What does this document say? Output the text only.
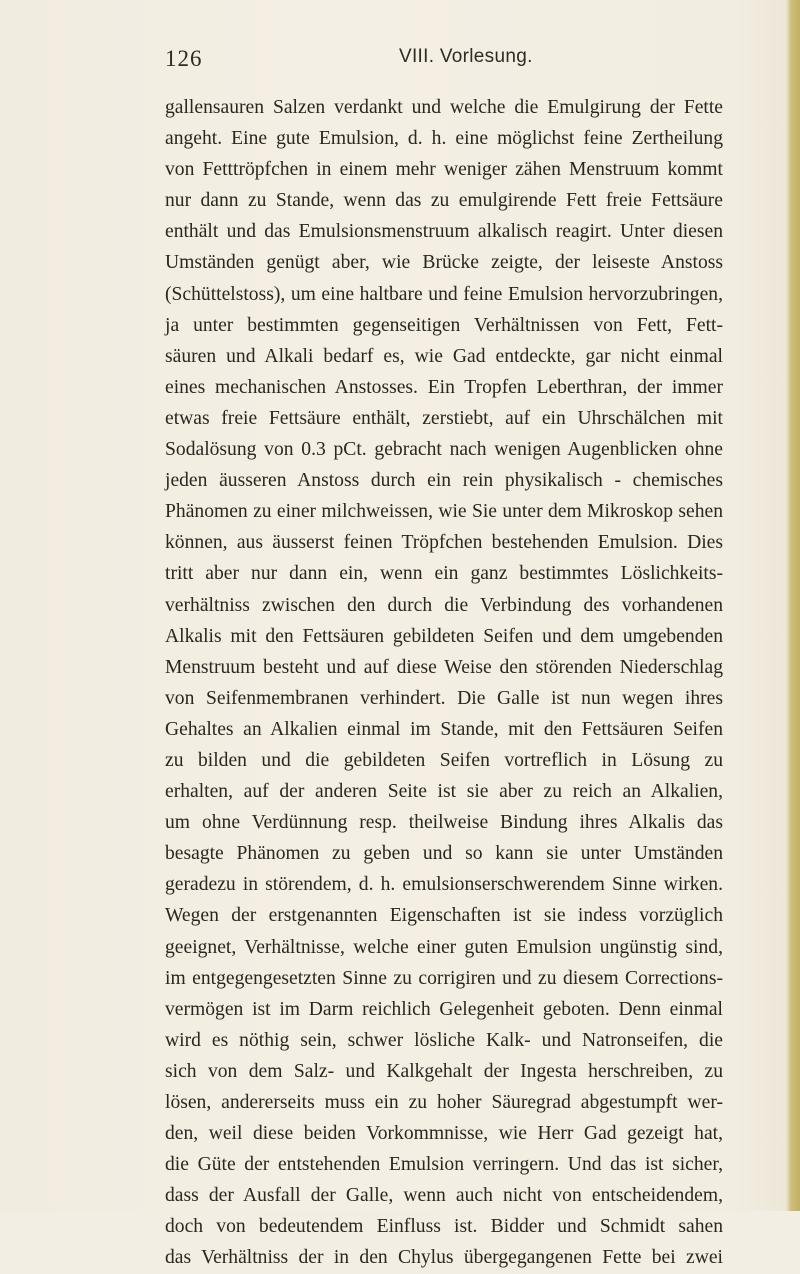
126	VIII. Vorlesung.
gallensauren Salzen verdankt und welche die Emulgirung der Fette
angeht. Eine gute Emulsion, d. h. eine möglichst feine Zertheilung
von Fetttröpfchen in einem mehr weniger zähen Menstruum kommt
nur dann zu Stande, wenn das zu emulgirende Fett freie Fettsäure
enthält und das Emulsionsmenstruum alkalisch reagirt. Unter diesen
Umständen genügt aber, wie Brücke zeigte, der leiseste Anstoss
(Schüttelstoss), um eine haltbare und feine Emulsion hervorzubringen,
ja unter bestimmten gegenseitigen Verhältnissen von Fett, Fett-
säuren und Alkali bedarf es, wie Gad entdeckte, gar nicht einmal
eines mechanischen Anstosses. Ein Tropfen Leberthran, der immer
etwas freie Fettsäure enthält, zerstiebt, auf ein Uhrschälchen mit
Sodalösung von 0.3 pCt. gebracht nach wenigen Augenblicken ohne
jeden äusseren Anstoss durch ein rein physikalisch - chemisches
Phänomen zu einer milchweissen, wie Sie unter dem Mikroskop sehen
können, aus äusserst feinen Tröpfchen bestehenden Emulsion. Dies
tritt aber nur dann ein, wenn ein ganz bestimmtes Löslichkeits-
verhältniss zwischen den durch die Verbindung des vorhandenen
Alkalis mit den Fettsäuren gebildeten Seifen und dem umgebenden
Menstruum besteht und auf diese Weise den störenden Niederschlag
von Seifenmembranen verhindert. Die Galle ist nun wegen ihres
Gehaltes an Alkalien einmal im Stande, mit den Fettsäuren Seifen
zu bilden und die gebildeten Seifen vortreflich in Lösung zu
erhalten, auf der anderen Seite ist sie aber zu reich an Alkalien,
um ohne Verdünnung resp. theilweise Bindung ihres Alkalis das
besagte Phänomen zu geben und so kann sie unter Umständen
geradezu in störendem, d. h. emulsionserschwerendem Sinne wirken.
Wegen der erstgenannten Eigenschaften ist sie indess vorzüglich
geeignet, Verhältnisse, welche einer guten Emulsion ungünstig sind,
im entgegengesetzten Sinne zu corrigiren und zu diesem Corrections-
vermögen ist im Darm reichlich Gelegenheit geboten. Denn einmal
wird es nöthig sein, schwer lösliche Kalk- und Natronseifen, die
sich von dem Salz- und Kalkgehalt der Ingesta herschreiben, zu
lösen, andererseits muss ein zu hoher Säuregrad abgestumpft wer-
den, weil diese beiden Vorkommnisse, wie Herr Gad gezeigt hat,
die Güte der entstehenden Emulsion verringern. Und das ist sicher,
dass der Ausfall der Galle, wenn auch nicht von entscheidendem,
doch von bedeutendem Einfluss ist. Bidder und Schmidt sahen
das Verhältniss der in den Chylus übergegangenen Fette bei zwei
